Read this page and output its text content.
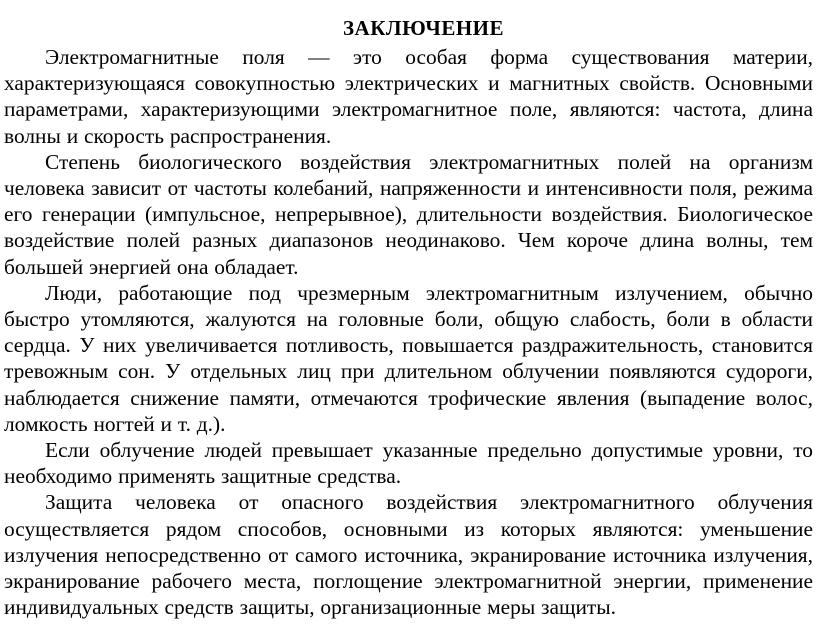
ЗАКЛЮЧЕНИЕ

Электромагнитные поля — это особая форма существования материи, характеризующаяся совокупностью электрических и магнитных свойств. Основными параметрами, характеризующими электромагнитное поле, являются: частота, длина волны и скорость распространения.

Степень биологического воздействия электромагнитных полей на организм человека зависит от частоты колебаний, напряженности и интенсивности поля, режима его генерации (импульсное, непрерывное), длительности воздействия. Биологическое воздействие полей разных диапазонов неодинаково. Чем короче длина волны, тем большей энергией она обладает.

Люди, работающие под чрезмерным электромагнитным излучением, обычно быстро утомляются, жалуются на головные боли, общую слабость, боли в области сердца. У них увеличивается потливость, повышается раздражительность, становится тревожным сон. У отдельных лиц при длительном облучении появляются судороги, наблюдается снижение памяти, отмечаются трофические явления (выпадение волос, ломкость ногтей и т. д.).

Если облучение людей превышает указанные предельно допустимые уровни, то необходимо применять защитные средства.

Защита человека от опасного воздействия электромагнитного облучения осуществляется рядом способов, основными из которых являются: уменьшение излучения непосредственно от самого источника, экранирование источника излучения, экранирование рабочего места, поглощение электромагнитной энергии, применение индивидуальных средств защиты, организационные меры защиты.
